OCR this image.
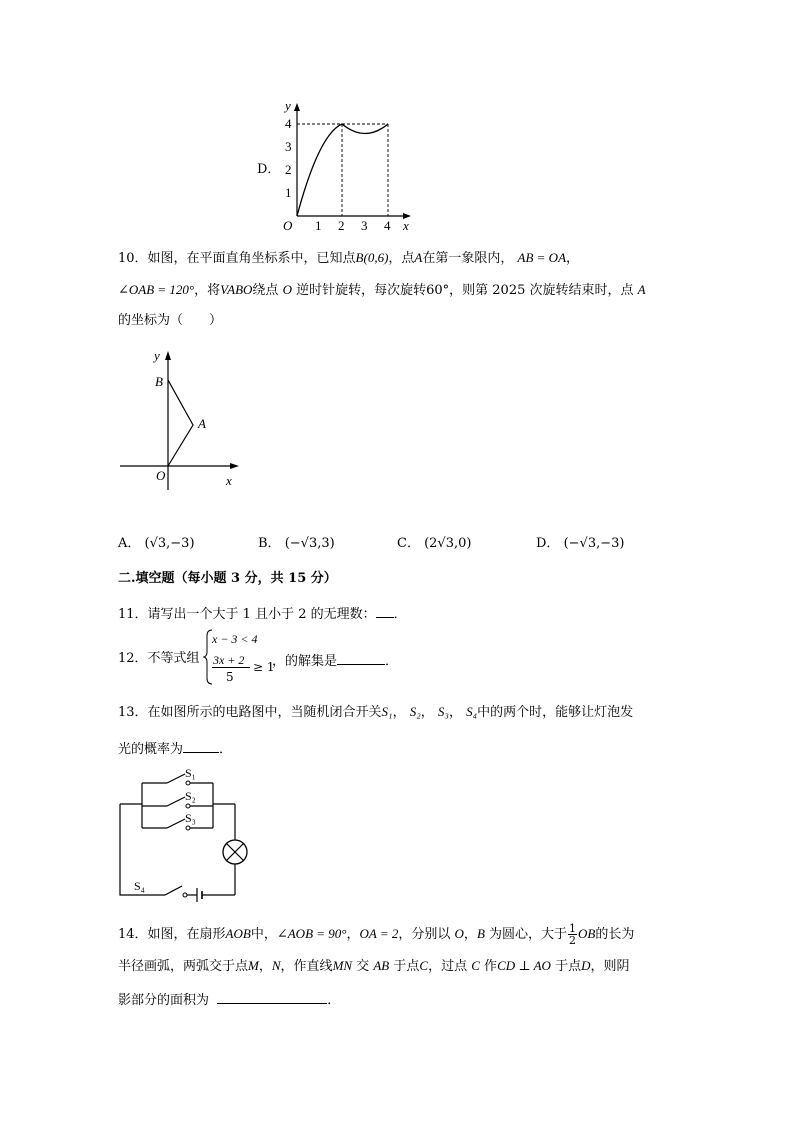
D．
4
3
2
1
1 2 3 4
O	x
y
10．如图，在平面直角坐标系中，已知点B(0,6)，点A在第一象限内， AB = OA，
∠OAB = 120°，将VABO绕点 O 逆时针旋转，每次旋转60°，则第 2025 次旋转结束时，点 A
的坐标为（　　）
y
x
B
A
O
A． (√3,−3)	B． (−√3,3)	C． (2√3,0)	D． (−√3,−3)
二.填空题（每小题 3 分，共 15 分）
11．请写出一个大于 1 且小于 2 的无理数： ．
12．不等式组
x − 3 < 4
3x + 2
5
≥ 1
，的解集是	．
13．在如图所示的电路图中，当随机闭合开关S₁， S₂， S₃， S₄中的两个时，能够让灯泡发
光的概率为	．
S₁
S₂
S₃
S₄
14．如图，在扇形AOB中，∠AOB = 90°，OA = 2，分别以 O，B 为圆心，大于 $\frac{1}{2}$ OB的长为
半径画弧，两弧交于点M，N，作直线MN 交 AB 于点C，过点 C 作CD ⊥ AO 于点D，则阴
影部分的面积为	．
